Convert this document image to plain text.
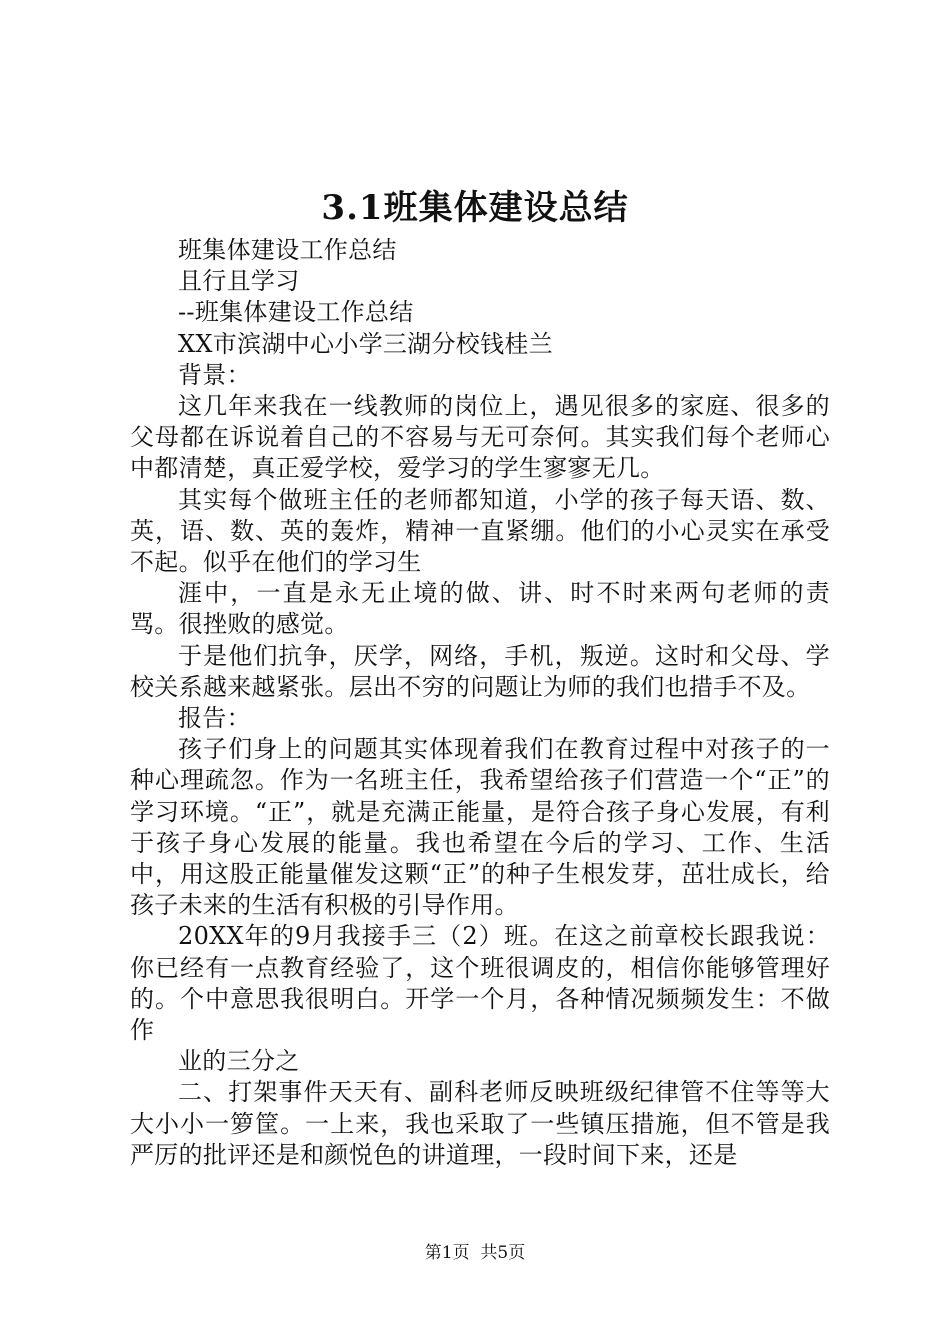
3.1班集体建设总结

班集体建设工作总结

且行且学习

--班集体建设工作总结

XX市滨湖中心小学三湖分校钱桂兰

背景：

这几年来我在一线教师的岗位上，遇见很多的家庭、很多的父母都在诉说着自己的不容易与无可奈何。其实我们每个老师心中都清楚，真正爱学校，爱学习的学生寥寥无几。

其实每个做班主任的老师都知道，小学的孩子每天语、数、英，语、数、英的轰炸，精神一直紧绷。他们的小心灵实在承受不起。似乎在他们的学习生

涯中，一直是永无止境的做、讲、时不时来两句老师的责骂。很挫败的感觉。

于是他们抗争，厌学，网络，手机，叛逆。这时和父母、学校关系越来越紧张。层出不穷的问题让为师的我们也措手不及。

报告：

孩子们身上的问题其实体现着我们在教育过程中对孩子的一种心理疏忽。作为一名班主任，我希望给孩子们营造一个“正”的学习环境。“正”，就是充满正能量，是符合孩子身心发展，有利于孩子身心发展的能量。我也希望在今后的学习、工作、生活中，用这股正能量催发这颗“正”的种子生根发芽，茁壮成长，给孩子未来的生活有积极的引导作用。

20XX年的9月我接手三（2）班。在这之前章校长跟我说：你已经有一点教育经验了，这个班很调皮的，相信你能够管理好的。个中意思我很明白。开学一个月，各种情况频频发生：不做作

业的三分之

二、打架事件天天有、副科老师反映班级纪律管不住等等大大小小一箩筐。一上来，我也采取了一些镇压措施，但不管是我严厉的批评还是和颜悦色的讲道理，一段时间下来，还是

第1页  共5页
